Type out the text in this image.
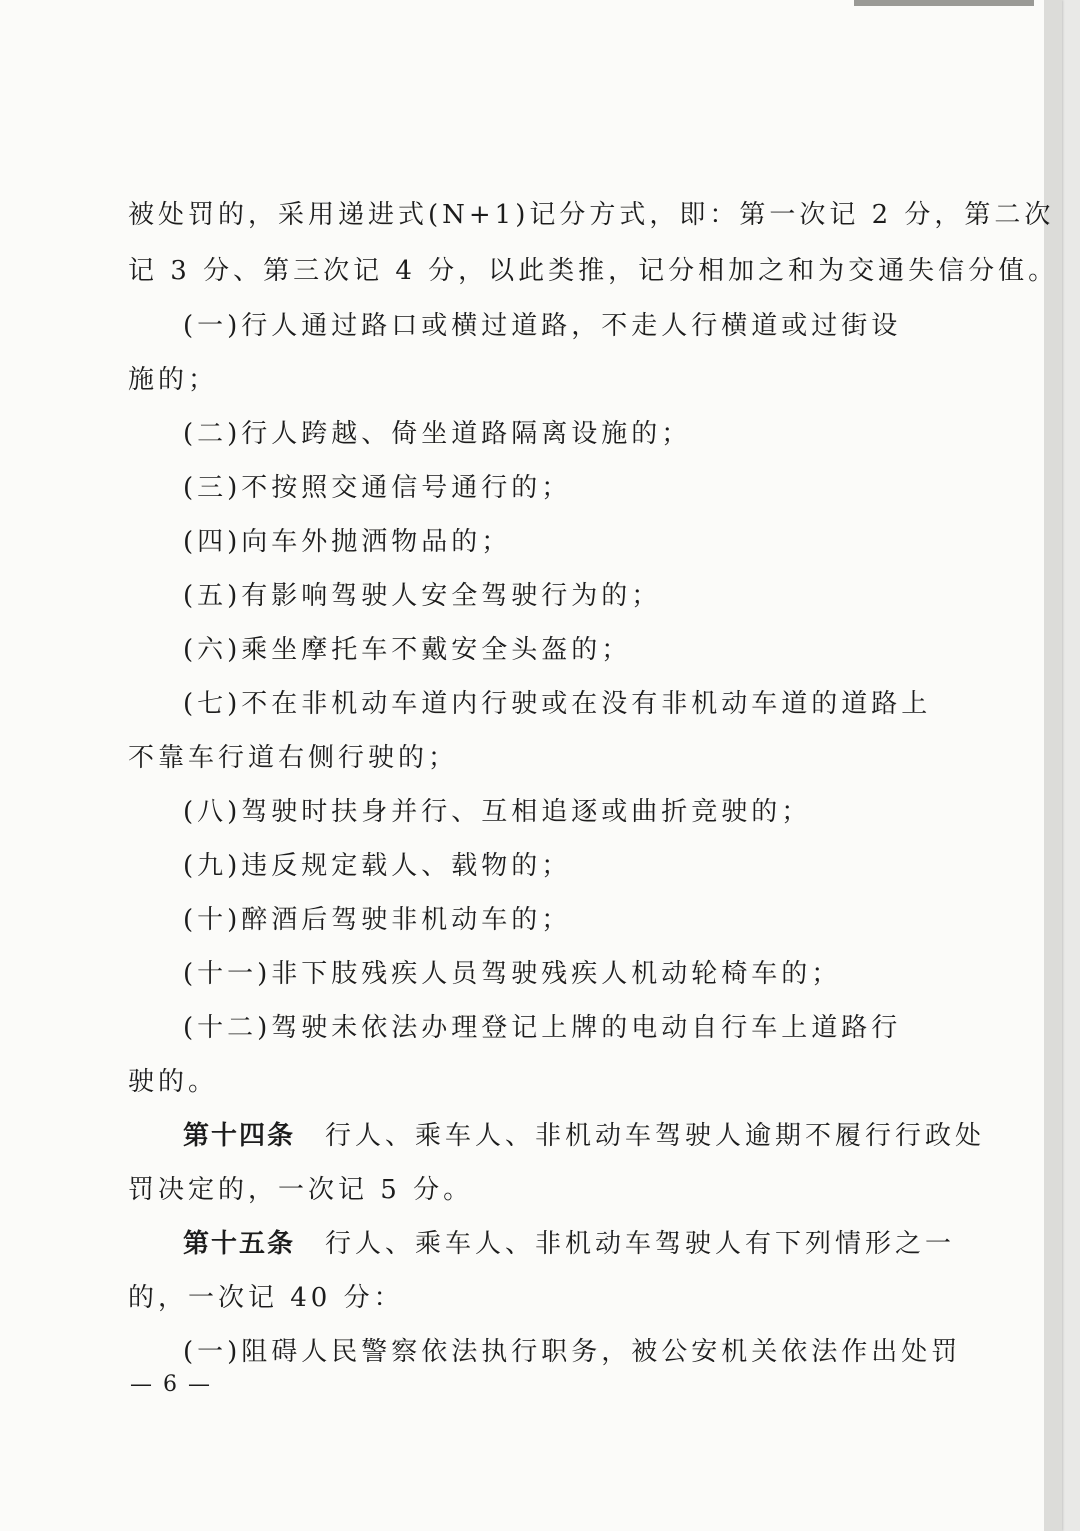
被处罚的，采用递进式(N+1)记分方式，即：第一次记 2 分，第二次
记 3 分、第三次记 4 分，以此类推，记分相加之和为交通失信分值。
(一)行人通过路口或横过道路，不走人行横道或过街设
施的；
(二)行人跨越、倚坐道路隔离设施的；
(三)不按照交通信号通行的；
(四)向车外抛洒物品的；
(五)有影响驾驶人安全驾驶行为的；
(六)乘坐摩托车不戴安全头盔的；
(七)不在非机动车道内行驶或在没有非机动车道的道路上
不靠车行道右侧行驶的；
(八)驾驶时扶身并行、互相追逐或曲折竞驶的；
(九)违反规定载人、载物的；
(十)醉酒后驾驶非机动车的；
(十一)非下肢残疾人员驾驶残疾人机动轮椅车的；
(十二)驾驶未依法办理登记上牌的电动自行车上道路行
驶的。
第十四条 行人、乘车人、非机动车驾驶人逾期不履行行政处
罚决定的，一次记 5 分。
第十五条 行人、乘车人、非机动车驾驶人有下列情形之一
的，一次记 40 分：
(一)阻碍人民警察依法执行职务，被公安机关依法作出处罚
— 6 —
